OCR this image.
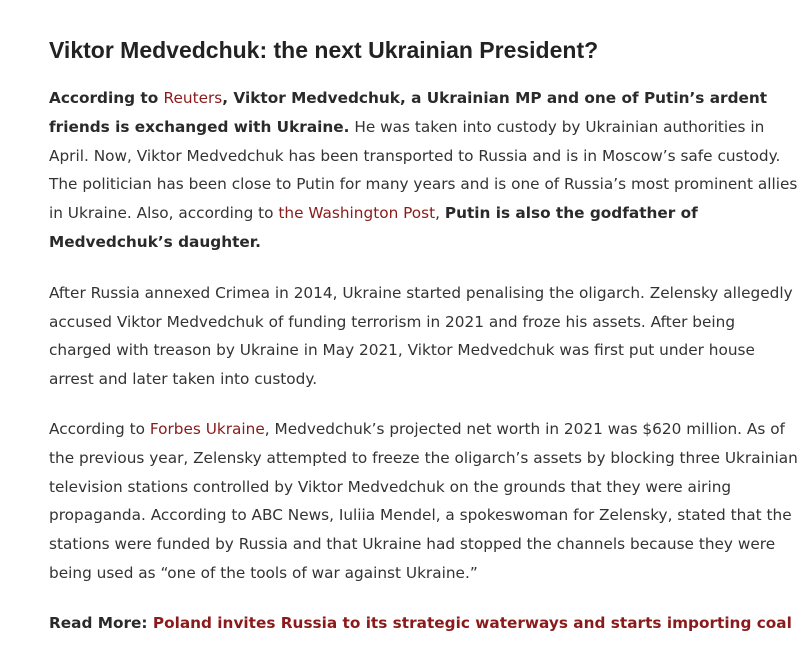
Viktor Medvedchuk: the next Ukrainian President?

According to Reuters, Viktor Medvedchuk, a Ukrainian MP and one of Putin’s ardent friends is exchanged with Ukraine. He was taken into custody by Ukrainian authorities in April. Now, Viktor Medvedchuk has been transported to Russia and is in Moscow’s safe custody. The politician has been close to Putin for many years and is one of Russia’s most prominent allies in Ukraine. Also, according to the Washington Post, Putin is also the godfather of Medvedchuk’s daughter.

After Russia annexed Crimea in 2014, Ukraine started penalising the oligarch. Zelensky allegedly accused Viktor Medvedchuk of funding terrorism in 2021 and froze his assets. After being charged with treason by Ukraine in May 2021, Viktor Medvedchuk was first put under house arrest and later taken into custody.

According to Forbes Ukraine, Medvedchuk’s projected net worth in 2021 was $620 million. As of the previous year, Zelensky attempted to freeze the oligarch’s assets by blocking three Ukrainian television stations controlled by Viktor Medvedchuk on the grounds that they were airing propaganda. According to ABC News, Iuliia Mendel, a spokeswoman for Zelensky, stated that the stations were funded by Russia and that Ukraine had stopped the channels because they were being used as “one of the tools of war against Ukraine.”

Read More: Poland invites Russia to its strategic waterways and starts importing coal
